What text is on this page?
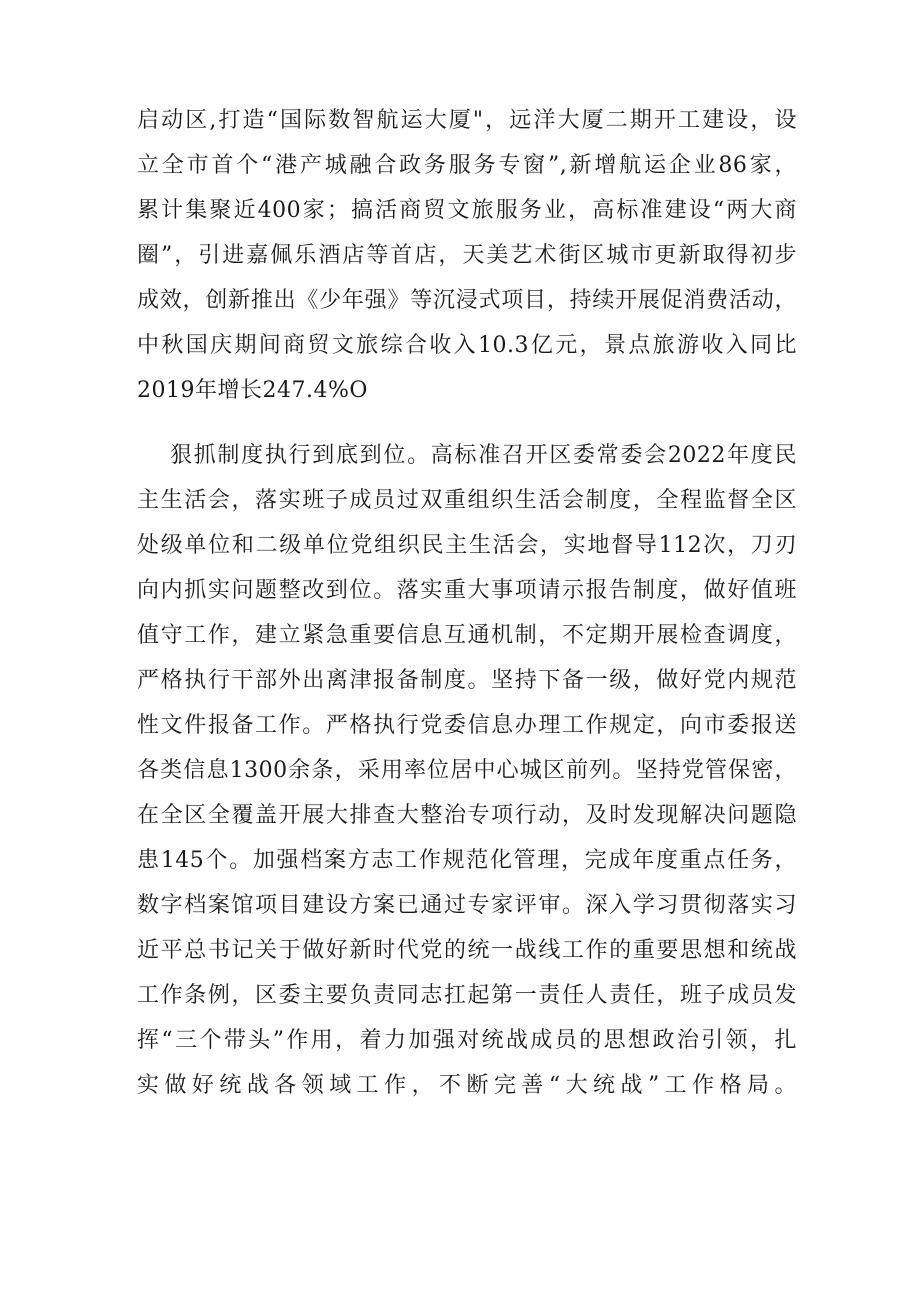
启动区,打造“国际数智航运大厦"，远洋大厦二期开工建设，设
立全市首个“港产城融合政务服务专窗”,新增航运企业86家，
累计集聚近400家；搞活商贸文旅服务业，高标准建设“两大商
圈”，引进嘉佩乐酒店等首店，天美艺术街区城市更新取得初步
成效，创新推出《少年强》等沉浸式项目，持续开展促消费活动，
中秋国庆期间商贸文旅综合收入10.3亿元，景点旅游收入同比
2019年增长247.4%O
狠抓制度执行到底到位。高标准召开区委常委会2022年度民
主生活会，落实班子成员过双重组织生活会制度，全程监督全区
处级单位和二级单位党组织民主生活会，实地督导112次，刀刃
向内抓实问题整改到位。落实重大事项请示报告制度，做好值班
值守工作，建立紧急重要信息互通机制，不定期开展检查调度，
严格执行干部外出离津报备制度。坚持下备一级，做好党内规范
性文件报备工作。严格执行党委信息办理工作规定，向市委报送
各类信息1300余条，采用率位居中心城区前列。坚持党管保密，
在全区全覆盖开展大排查大整治专项行动，及时发现解决问题隐
患145个。加强档案方志工作规范化管理，完成年度重点任务，
数字档案馆项目建设方案已通过专家评审。深入学习贯彻落实习
近平总书记关于做好新时代党的统一战线工作的重要思想和统战
工作条例，区委主要负责同志扛起第一责任人责任，班子成员发
挥“三个带头”作用，着力加强对统战成员的思想政治引领，扎
实做好统战各领域工作，不断完善“大统战”工作格局。
